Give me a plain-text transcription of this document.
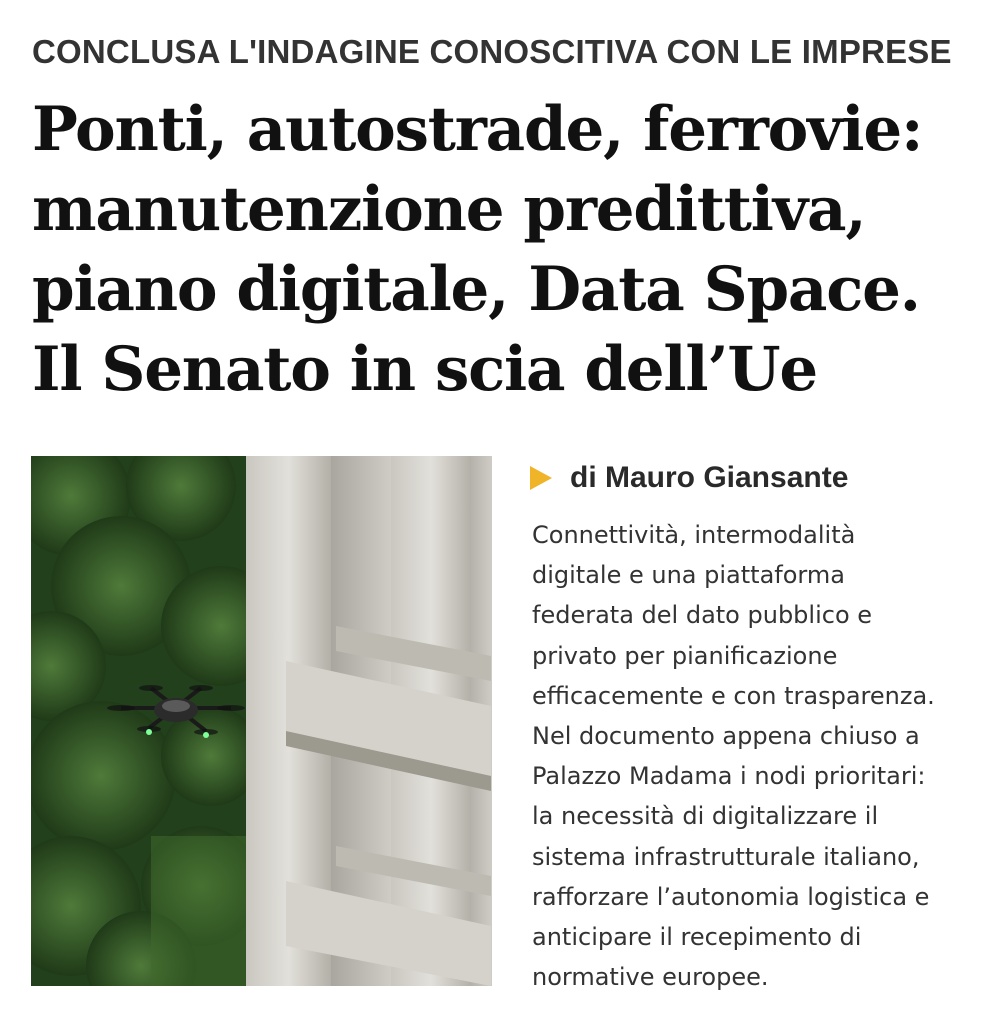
CONCLUSA L'INDAGINE CONOSCITIVA CON LE IMPRESE
Ponti, autostrade, ferrovie:
manutenzione predittiva,
piano digitale, Data Space.
Il Senato in scia dell’Ue
di Mauro Giansante
Connettività, intermodalità
digitale e una piattaforma
federata del dato pubblico e
privato per pianificazione
efficacemente e con trasparenza.
Nel documento appena chiuso a
Palazzo Madama i nodi prioritari:
la necessità di digitalizzare il
sistema infrastrutturale italiano,
rafforzare l’autonomia logistica e
anticipare il recepimento di
normative europee.
